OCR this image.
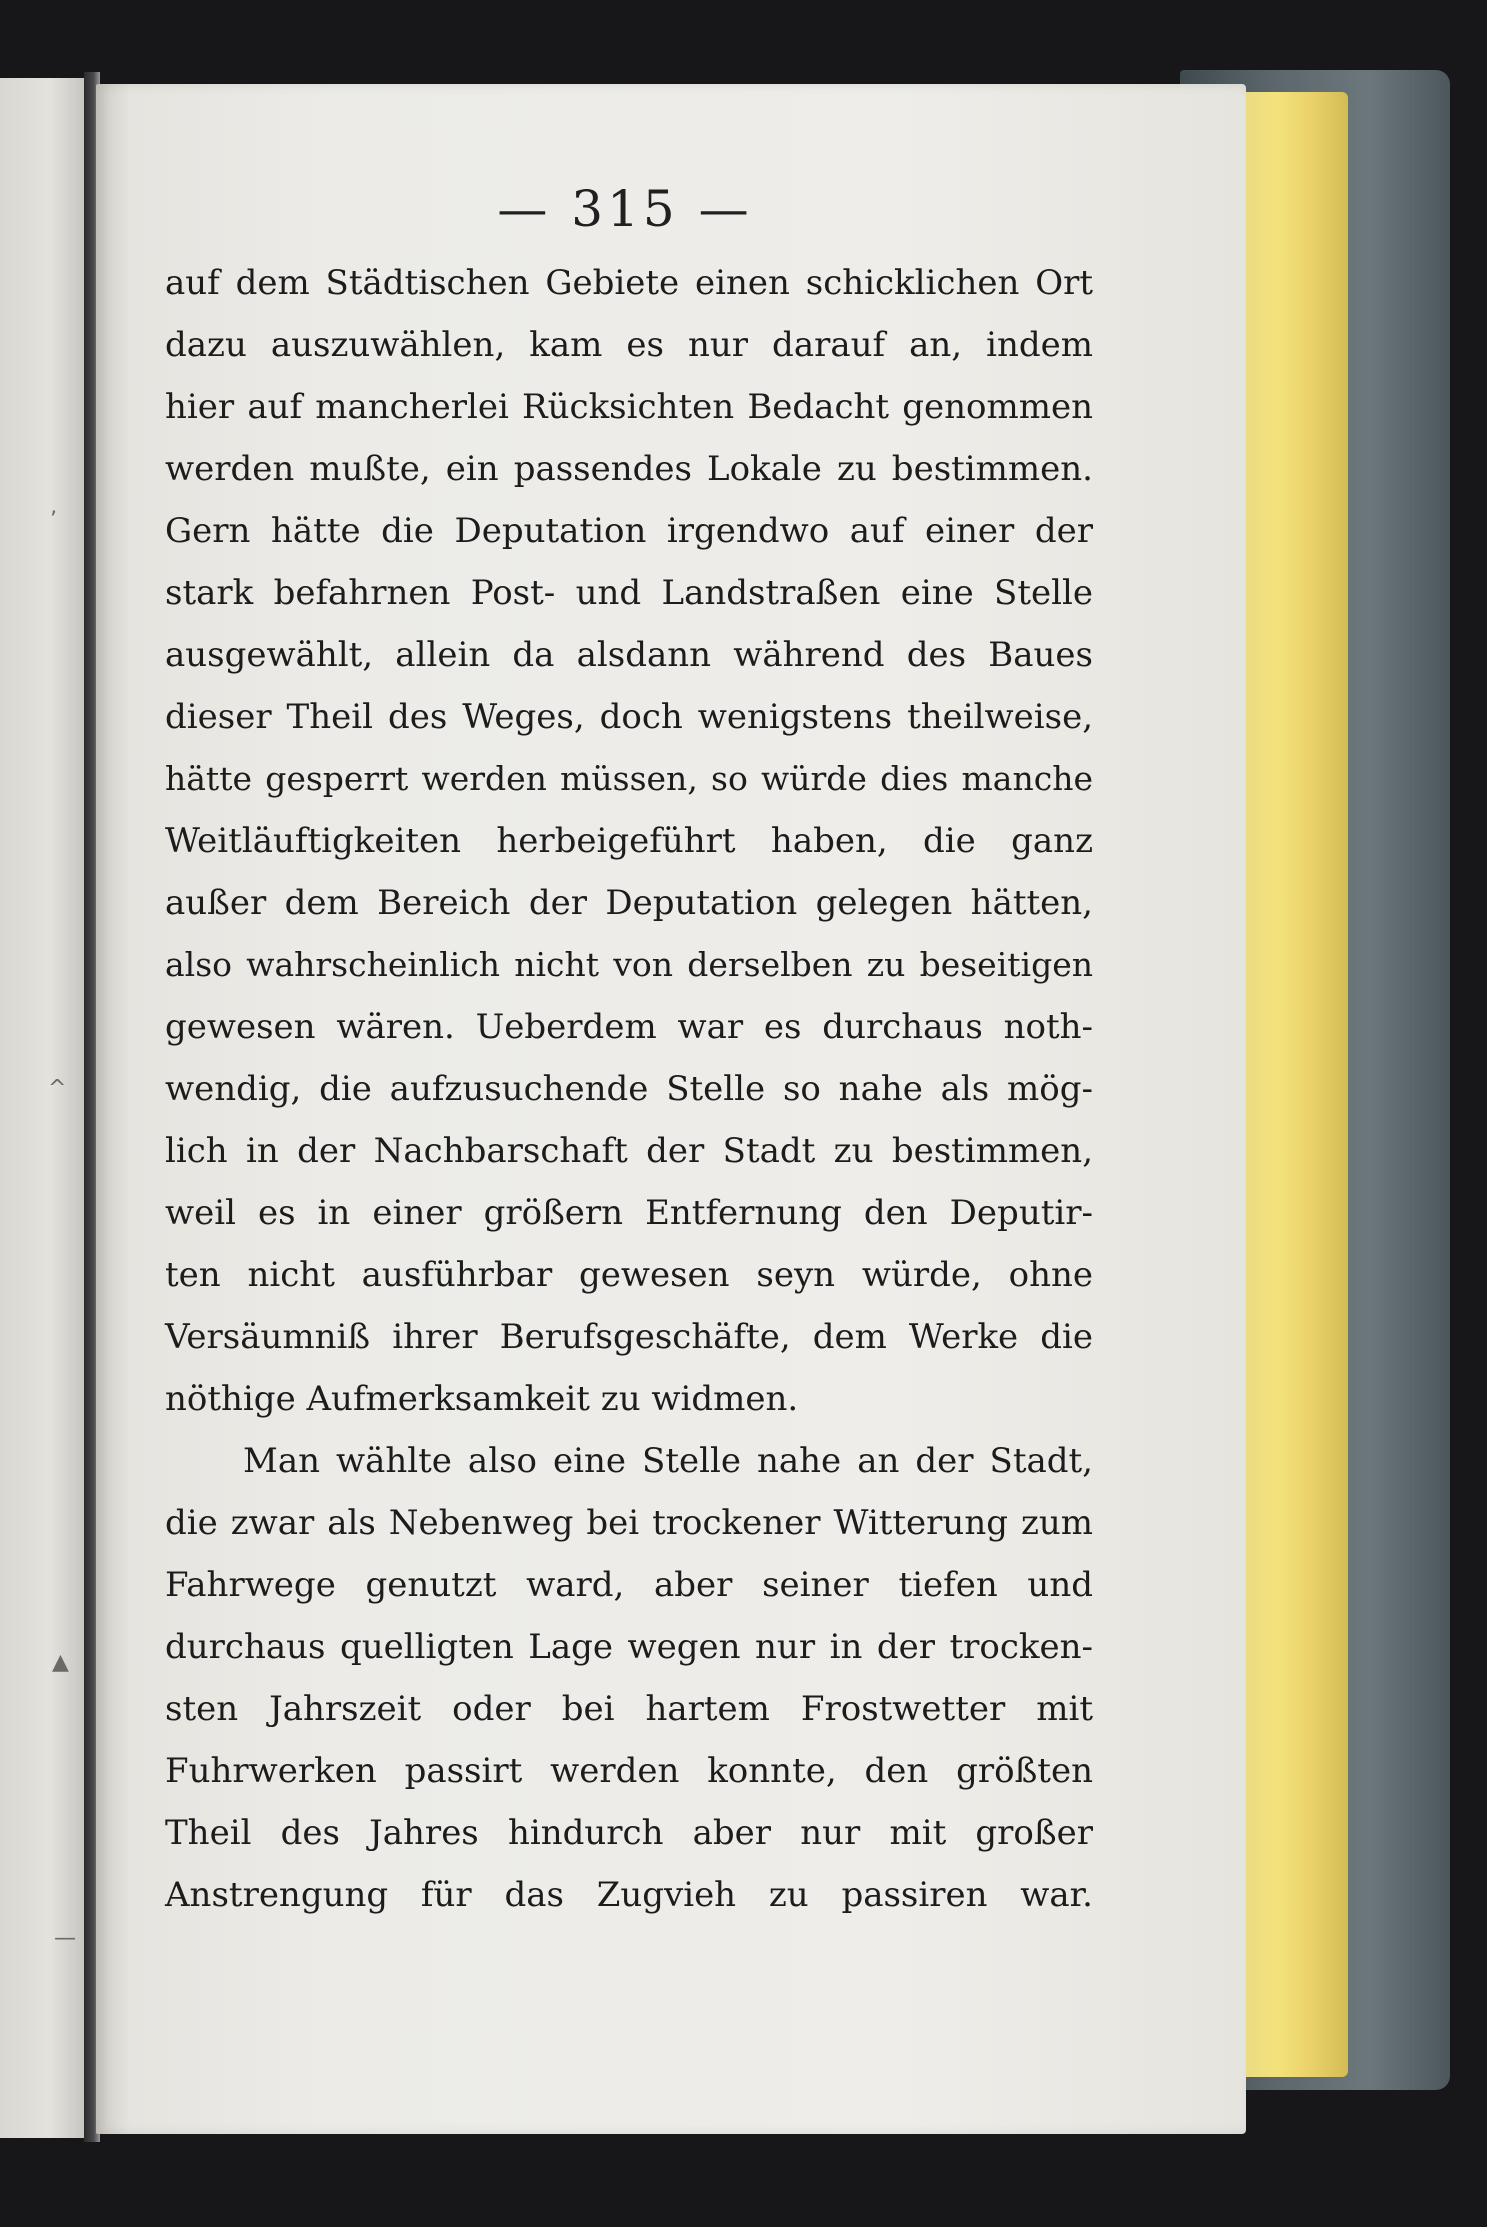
’
^
▲
—
— 315 —
auf dem Städtischen Gebiete einen schicklichen Ort
dazu auszuwählen, kam es nur darauf an, indem
hier auf mancherlei Rücksichten Bedacht genommen
werden mußte, ein passendes Lokale zu bestimmen.
Gern hätte die Deputation irgendwo auf einer der
stark befahrnen Post- und Landstraßen eine Stelle
ausgewählt, allein da alsdann während des Baues
dieser Theil des Weges, doch wenigstens theilweise,
hätte gesperrt werden müssen, so würde dies manche
Weitläuftigkeiten herbeigeführt haben, die ganz
außer dem Bereich der Deputation gelegen hätten,
also wahrscheinlich nicht von derselben zu beseitigen
gewesen wären. Ueberdem war es durchaus noth-
wendig, die aufzusuchende Stelle so nahe als mög-
lich in der Nachbarschaft der Stadt zu bestimmen,
weil es in einer größern Entfernung den Deputir-
ten nicht ausführbar gewesen seyn würde, ohne
Versäumniß ihrer Berufsgeschäfte, dem Werke die
nöthige Aufmerksamkeit zu widmen.
Man wählte also eine Stelle nahe an der Stadt,
die zwar als Nebenweg bei trockener Witterung zum
Fahrwege genutzt ward, aber seiner tiefen und
durchaus quelligten Lage wegen nur in der trocken-
sten Jahrszeit oder bei hartem Frostwetter mit
Fuhrwerken passirt werden konnte, den größten
Theil des Jahres hindurch aber nur mit großer
Anstrengung für das Zugvieh zu passiren war.
